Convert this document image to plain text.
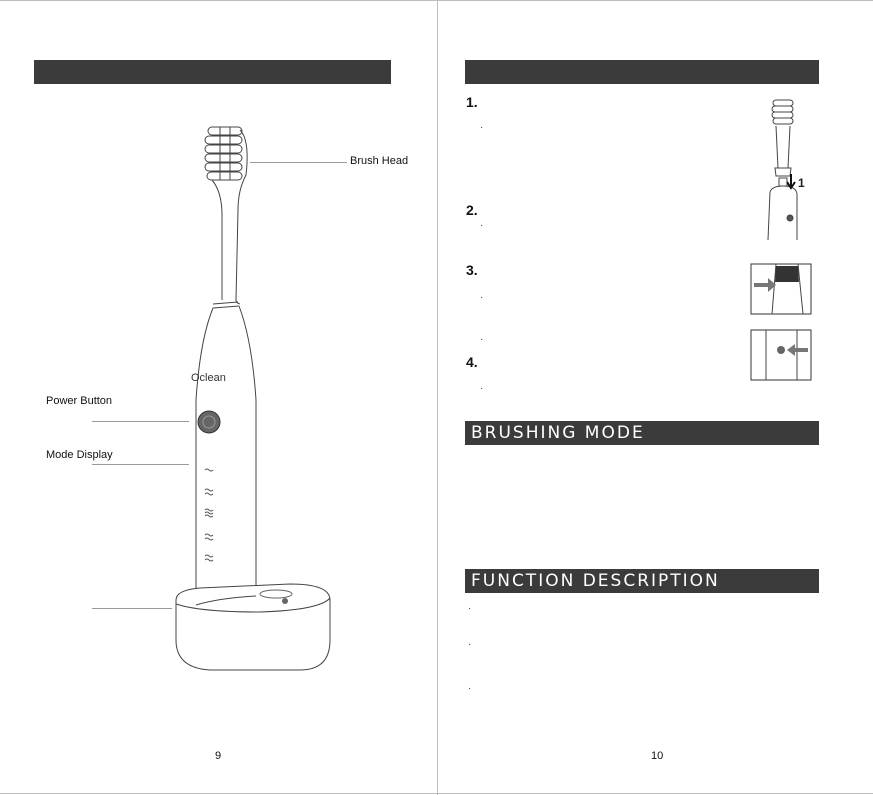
Oclean
Brush Head
Power Button
Mode Display
9
1.
·
2.
·
3.
·
·
4.
·
1
BRUSHING MODE
FUNCTION DESCRIPTION
·
·
·
10
